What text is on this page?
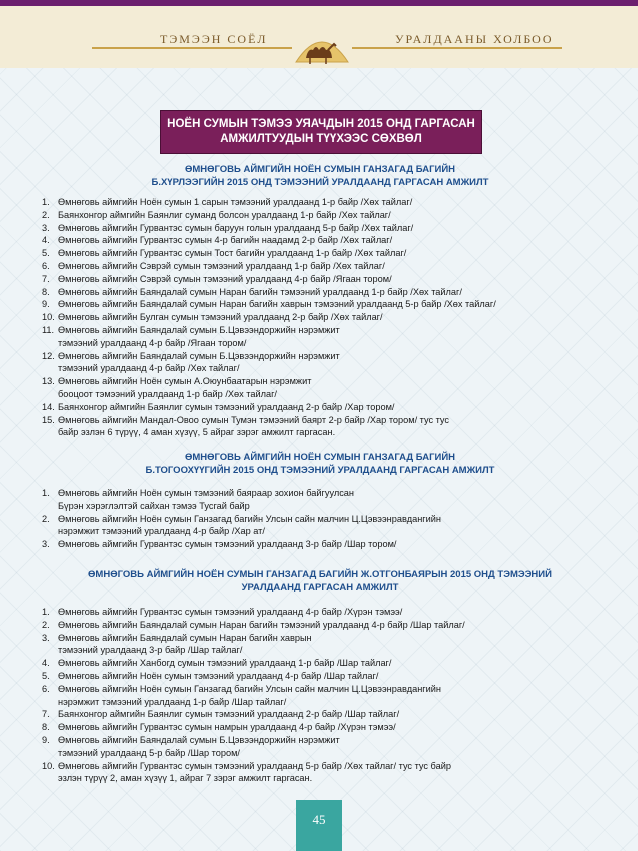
ТЭМЭЭН СОЁЛ	УРАЛДААНЫ ХОЛБОО
НОЁН СУМЫН ТЭМЭЭ УЯАЧДЫН 2015 ОНД ГАРГАСАН
АМЖИЛТУУДЫН ТҮҮХЭЭС СӨХВӨЛ
ӨМНӨГОВЬ АЙМГИЙН НОЁН СУМЫН ГАНЗАГАД БАГИЙН
Б.ХҮРЛЭЭГИЙН 2015 ОНД ТЭМЭЭНИЙ УРАЛДААНД ГАРГАСАН АМЖИЛТ
1. Өмнөговь аймгийн Ноён сумын 1 сарын тэмээний уралдаанд 1-р байр /Хөх тайлаг/
2. Баянхонгор аймгийн Баянлиг суманд болсон уралдаанд 1-р байр /Хөх тайлаг/
3. Өмнөговь аймгийн Гурвантэс сумын баруун голын уралдаанд 5-р байр /Хөх тайлаг/
4. Өмнөговь аймгийн Гурвантэс сумын 4-р багийн наадамд 2-р байр /Хөх тайлаг/
5. Өмнөговь аймгийн Гурвантэс сумын Тост багийн уралдаанд 1-р байр /Хөх тайлаг/
6. Өмнөговь аймгийн Сэврэй сумын тэмээний уралдаанд 1-р байр /Хөх тайлаг/
7. Өмнөговь аймгийн Сэврэй сумын тэмээний уралдаанд 4-р байр /Ягаан тором/
8. Өмнөговь аймгийн Баяндалай сумын Наран багийн тэмээний уралдаанд 1-р байр /Хөх тайлаг/
9. Өмнөговь аймгийн Баяндалай сумын Наран багийн хаврын тэмээний уралдаанд 5-р байр /Хөх тайлаг/
10. Өмнөговь аймгийн Булган сумын тэмээний уралдаанд 2-р байр /Хөх тайлаг/
11. Өмнөговь аймгийн Баяндалай сумын Б.Цэвээндоржийн нэрэмжит
тэмээний уралдаанд 4-р байр /Ягаан тором/
12. Өмнөговь аймгийн Баяндалай сумын Б.Цэвээндоржийн нэрэмжит
тэмээний уралдаанд 4-р байр /Хөх тайлаг/
13. Өмнөговь аймгийн Ноён сумын А.Оюунбаатарын нэрэмжит
бооцоот тэмээний уралдаанд 1-р байр /Хөх тайлаг/
14. Баянхонгор аймгийн Баянлиг сумын тэмээний уралдаанд 2-р байр /Хар тором/
15. Өмнөговь аймгийн Мандал-Овоо сумын Тумэн тэмээний баярт 2-р байр /Хар тором/ тус тус
байр эзлэн 6 түрүү, 4 аман хүзүү, 5 айраг зэрэг амжилт гаргасан.
ӨМНӨГОВЬ АЙМГИЙН НОЁН СУМЫН ГАНЗАГАД БАГИЙН
Б.ТОГООХҮҮГИЙН 2015 ОНД ТЭМЭЭНИЙ УРАЛДААНД ГАРГАСАН АМЖИЛТ
1. Өмнөговь аймгийн Ноён сумын тэмээний баяраар зохион байгуулсан
Бүрэн хэрэглэлтэй сайхан тэмээ Тусгай байр
2. Өмнөговь аймгийн Ноён сумын Ганзагад багийн Улсын сайн малчин Ц.Цэвээнравдангийн
нэрэмжит тэмээний уралдаанд 4-р байр /Хар ат/
3. Өмнөговь аймгийн Гурвантэс сумын тэмээний уралдаанд 3-р байр /Шар тором/
ӨМНӨГОВЬ АЙМГИЙН НОЁН СУМЫН ГАНЗАГАД БАГИЙН Ж.ОТГОНБАЯРЫН 2015 ОНД ТЭМЭЭНИЙ
УРАЛДААНД ГАРГАСАН АМЖИЛТ
1. Өмнөговь аймгийн Гурвантэс сумын тэмээний уралдаанд 4-р байр /Хүрэн тэмээ/
2. Өмнөговь аймгийн Баяндалай сумын Наран багийн тэмээний уралдаанд 4-р байр /Шар тайлаг/
3. Өмнөговь аймгийн Баяндалай сумын Наран багийн хаврын
тэмээний уралдаанд 3-р байр /Шар тайлаг/
4. Өмнөговь аймгийн Ханбогд сумын тэмээний уралдаанд 1-р байр /Шар тайлаг/
5. Өмнөговь аймгийн Ноён сумын тэмээний уралдаанд 4-р байр /Шар тайлаг/
6. Өмнөговь аймгийн Ноён сумын Ганзагад багийн Улсын сайн малчин Ц.Цэвээнравдангийн
нэрэмжит тэмээний уралдаанд 1-р байр /Шар тайлаг/
7. Баянхонгор аймгийн Баянлиг сумын тэмээний уралдаанд 2-р байр /Шар тайлаг/
8. Өмнөговь аймгийн Гурвантэс сумын намрын уралдаанд 4-р байр /Хүрэн тэмээ/
9. Өмнөговь аймгийн Баяндалай сумын Б.Цэвээндоржийн нэрэмжит
тэмээний уралдаанд 5-р байр /Шар тором/
10. Өмнөговь аймгийн Гурвантэс сумын тэмээний уралдаанд 5-р байр /Хөх тайлаг/ тус тус байр
эзлэн түрүү 2, аман хүзүү 1, айраг 7 зэрэг амжилт гаргасан.
45
